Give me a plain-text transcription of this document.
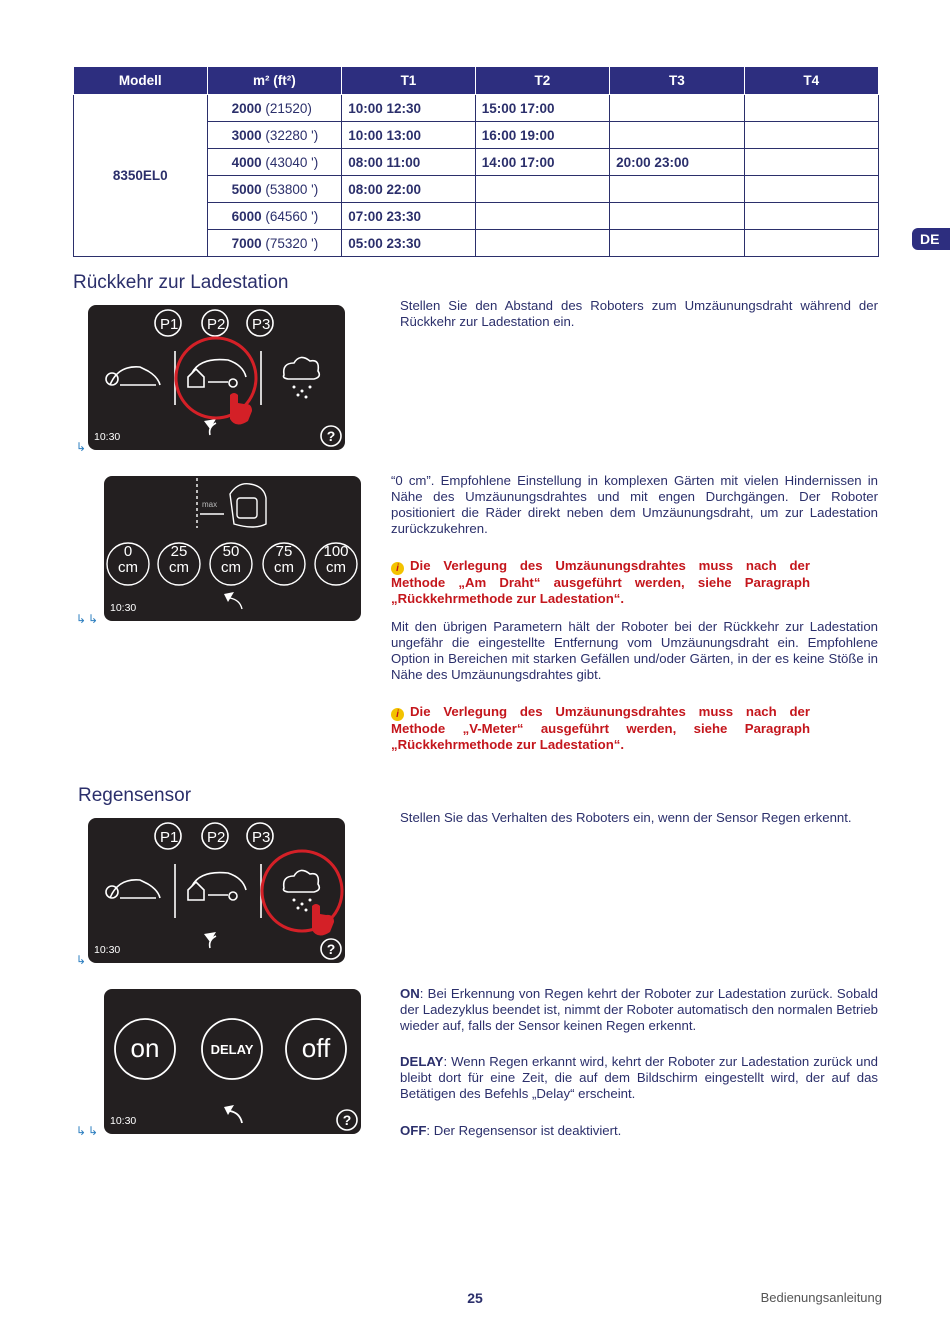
Modell	m² (ft²)	T1	T2	T3	T4
8350EL0	2000 (21520)	10:00 12:30	15:00 17:00		
	3000 (32280 ')	10:00 13:00	16:00 19:00		
	4000 (43040 ')	08:00 11:00	14:00 17:00	20:00 23:00	
	5000 (53800 ')	08:00 22:00			
	6000 (64560 ')	07:00 23:30			
	7000 (75320 ')	05:00 23:30				DE
Rückkehr zur Ladestation
P1 P2 P3
10:30	?
↳

Stellen Sie den Abstand des Roboters zum Umzäunungsdraht während der Rückkehr zur Ladestation ein.

max
0
cm
25
cm
50
cm
75
cm
100
cm
10:30
↳↳

“0 cm”. Empfohlene Einstellung in komplexen Gärten mit vielen Hindernissen in Nähe des Umzäunungsdrahtes und mit engen Durchgängen. Der Roboter positioniert die Räder direkt neben dem Umzäunungsdraht, um zur Ladestation zurückzukehren.

i Die Verlegung des Umzäunungsdrahtes muss nach der Methode „Am Draht“ ausgeführt werden, siehe Paragraph „Rückkehrmethode zur Ladestation“.

Mit den übrigen Parametern hält der Roboter bei der Rückkehr zur Ladestation ungefähr die eingestellte Entfernung vom Umzäunungsdraht ein. Empfohlene Option in Bereichen mit starken Gefällen und/oder Gärten, in der es keine Stöße in Nähe des Umzäunungsdrahtes gibt.

i Die Verlegung des Umzäunungsdrahtes muss nach der Methode „V-Meter“ ausgeführt werden, siehe Paragraph „Rückkehrmethode zur Ladestation“.

Regensensor
P1 P2 P3
10:30	?
↳

Stellen Sie das Verhalten des Roboters ein, wenn der Sensor Regen erkennt.

on	DELAY	off
10:30	?
↳↳

ON: Bei Erkennung von Regen kehrt der Roboter zur Ladestation zurück. Sobald der Ladezyklus beendet ist, nimmt der Roboter automatisch den normalen Betrieb wieder auf, falls der Sensor keinen Regen erkennt.

DELAY: Wenn Regen erkannt wird, kehrt der Roboter zur Ladestation zurück und bleibt dort für eine Zeit, die auf dem Bildschirm eingestellt wird, der auf das Betätigen des Befehls „Delay“ erscheint.

OFF: Der Regensensor ist deaktiviert.

25	Bedienungsanleitung
